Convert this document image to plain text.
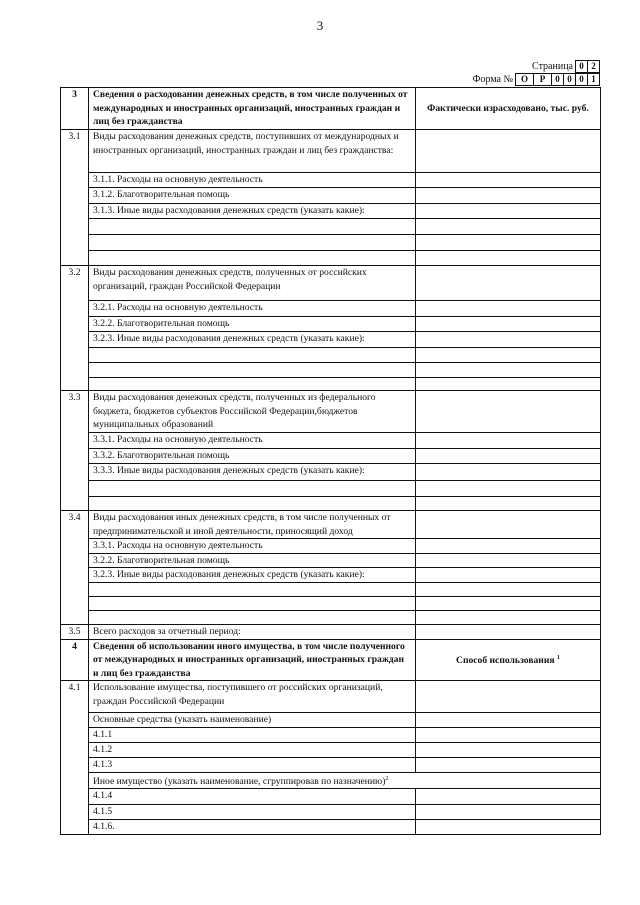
3
Страница 0 2
Форма № О	Р	0 0 0 1
3	Сведения о расходовании денежных средств, в том числе полученных от международных и иностранных организаций, иностранных граждан и лиц без гражданства	Фактически израсходовано, тыс. руб.
3.1	Виды расходования денежных средств, поступивших от международных и иностранных организаций, иностранных граждан и лиц без гражданства:	
	3.1.1. Расходы на основную деятельность	
	3.1.2. Благотворительная помощь	
	3.1.3. Иные виды расходования денежных средств (указать какие):	

3.2	Виды расходования денежных средств, полученных от российских организаций, граждан Российской Федерации	
	3.2.1. Расходы на основную деятельность	
	3.2.2. Благотворительная помощь	
	3.2.3. Иные виды расходования денежных средств (указать какие):	

3.3	Виды расходования денежных средств, полученных из федерального бюджета, бюджетов субъектов Российской Федерации,бюджетов муниципальных образований	
	3.3.1. Расходы на основную деятельность	
	3.3.2. Благотворительная помощь	
	3.3.3. Иные виды расходования денежных средств (указать какие):	

3.4	Виды расходования иных денежных средств, в том числе полученных от предпринимательской и иной деятельности, приносящий доход	
	3.3.1. Расходы на основную деятельность	
	3.2.2. Благотворительная помощь	
	3.2.3. Иные виды расходования денежных средств (указать какие):	

3.5	Всего расходов за отчетный период:	
4	Сведения об использовании иного имущества, в том числе полученного от международных и иностранных организаций, иностранных граждан и лиц без гражданства	Способ использования $^1$
4.1	Использование имущества, поступившего от российских организаций, граждан Российской Федерации	
	Основные средства (указать наименование)	
	4.1.1	
	4.1.2	
	4.1.3	
	Иное имущество (указать наименование, сгруппировав по назначению)$^2$
	4.1.4	
	4.1.5	
	4.1.6.	
